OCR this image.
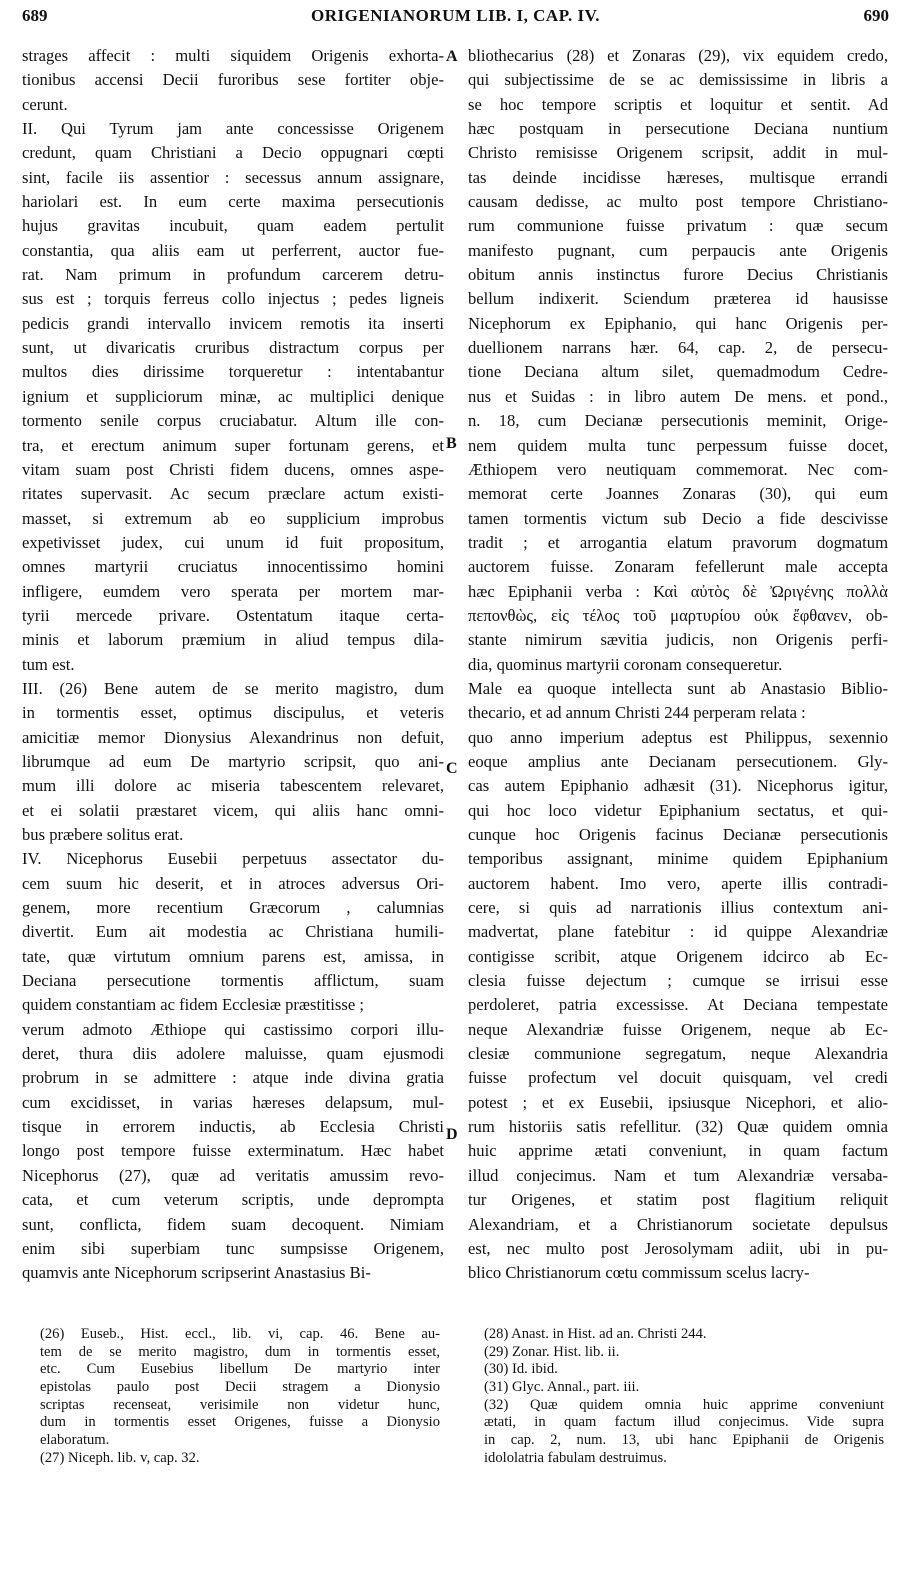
689	ORIGENIANORUM LIB. I, CAP. IV.	690
strages affecit : multi siquidem Origenis exhorta-
tionibus accensi Decii furoribus sese fortiter obje-
cerunt.
II. Qui Tyrum jam ante concessisse Origenem
credunt, quam Christiani a Decio oppugnari cœpti
sint, facile iis assentior : secessus annum assignare,
hariolari est. In eum certe maxima persecutionis
hujus gravitas incubuit, quam eadem pertulit
constantia, qua aliis eam ut perferrent, auctor fue-
rat. Nam primum in profundum carcerem detru-
sus est ; torquis ferreus collo injectus ; pedes ligneis
pedicis grandi intervallo invicem remotis ita inserti
sunt, ut divaricatis cruribus distractum corpus per
multos dies dirissime torqueretur : intentabantur
ignium et suppliciorum minæ, ac multiplici denique
tormento senile corpus cruciabatur. Altum ille con-
tra, et erectum animum super fortunam gerens, et
vitam suam post Christi fidem ducens, omnes aspe-
ritates supervasit. Ac secum præclare actum existi-
masset, si extremum ab eo supplicium improbus
expetivisset judex, cui unum id fuit propositum,
omnes martyrii cruciatus innocentissimo homini
infligere, eumdem vero sperata per mortem mar-
tyrii mercede privare. Ostentatum itaque certa-
minis et laborum præmium in aliud tempus dila-
tum est.
III. (26) Bene autem de se merito magistro, dum
in tormentis esset, optimus discipulus, et veteris
amicitiæ memor Dionysius Alexandrinus non defuit,
librumque ad eum De martyrio scripsit, quo ani-
mum illi dolore ac miseria tabescentem relevaret,
et ei solatii præstaret vicem, qui aliis hanc omni-
bus præbere solitus erat.
IV. Nicephorus Eusebii perpetuus assectator du-
cem suum hic deserit, et in atroces adversus Ori-
genem, more recentium Græcorum , calumnias
divertit. Eum ait modestia ac Christiana humili-
tate, quæ virtutum omnium parens est, amissa, in
Deciana persecutione tormentis afflictum, suam
quidem constantiam ac fidem Ecclesiæ præstitisse ;
verum admoto Æthiope qui castissimo corpori illu-
deret, thura diis adolere maluisse, quam ejusmodi
probrum in se admittere : atque inde divina gratia
cum excidisset, in varias hæreses delapsum, mul-
tisque in errorem inductis, ab Ecclesia Christi
longo post tempore fuisse exterminatum. Hæc habet
Nicephorus (27), quæ ad veritatis amussim revo-
cata, et cum veterum scriptis, unde deprompta
sunt, conflicta, fidem suam decoquent. Nimiam
enim sibi superbiam tunc sumpsisse Origenem,
quamvis ante Nicephorum scripserint Anastasius Bi-
bliothecarius (28) et Zonaras (29), vix equidem credo,
qui subjectissime de se ac demississime in libris a
se hoc tempore scriptis et loquitur et sentit. Ad
hæc postquam in persecutione Deciana nuntium
Christo remisisse Origenem scripsit, addit in mul-
tas deinde incidisse hæreses, multisque errandi
causam dedisse, ac multo post tempore Christiano-
rum communione fuisse privatum : quæ secum
manifesto pugnant, cum perpaucis ante Origenis
obitum annis instinctus furore Decius Christianis
bellum indixerit. Sciendum præterea id hausisse
Nicephorum ex Epiphanio, qui hanc Origenis per-
duellionem narrans hær. 64, cap. 2, de persecu-
tione Deciana altum silet, quemadmodum Cedre-
nus et Suidas : in libro autem De mens. et pond.,
n. 18, cum Decianæ persecutionis meminit, Orige-
nem quidem multa tunc perpessum fuisse docet,
Æthiopem vero neutiquam commemorat. Nec com-
memorat certe Joannes Zonaras (30), qui eum
tamen tormentis victum sub Decio a fide descivisse
tradit ; et arrogantia elatum pravorum dogmatum
auctorem fuisse. Zonaram fefellerunt male accepta
hæc Epiphanii verba : Καὶ αὐτὸς δὲ Ὠριγένης πολλὰ
πεπονθὼς, εἰς τέλος τοῦ μαρτυρίου οὐκ ἔφθανεν, ob-
stante nimirum sævitia judicis, non Origenis perfi-
dia, quominus martyrii coronam consequeretur.
Male ea quoque intellecta sunt ab Anastasio Biblio-
thecario, et ad annum Christi 244 perperam relata :
quo anno imperium adeptus est Philippus, sexennio
eoque amplius ante Decianam persecutionem. Gly-
cas autem Epiphanio adhæsit (31). Nicephorus igitur,
qui hoc loco videtur Epiphanium sectatus, et qui-
cunque hoc Origenis facinus Decianæ persecutionis
temporibus assignant, minime quidem Epiphanium
auctorem habent. Imo vero, aperte illis contradi-
cere, si quis ad narrationis illius contextum ani-
madvertat, plane fatebitur : id quippe Alexandriæ
contigisse scribit, atque Origenem idcirco ab Ec-
clesia fuisse dejectum ; cumque se irrisui esse
perdoleret, patria excessisse. At Deciana tempestate
neque Alexandriæ fuisse Origenem, neque ab Ec-
clesiæ communione segregatum, neque Alexandria
fuisse profectum vel docuit quisquam, vel credi
potest ; et ex Eusebii, ipsiusque Nicephori, et alio-
rum historiis satis refellitur. (32) Quæ quidem omnia
huic apprime ætati conveniunt, in quam factum
illud conjecimus. Nam et tum Alexandriæ versaba-
tur Origenes, et statim post flagitium reliquit
Alexandriam, et a Christianorum societate depulsus
est, nec multo post Jerosolymam adiit, ubi in pu-
blico Christianorum cœtu commissum scelus lacry-
A
B
C
D
(26) Euseb., Hist. eccl., lib. vi, cap. 46. Bene au-
tem de se merito magistro, dum in tormentis esset,
etc. Cum Eusebius libellum De martyrio inter
epistolas paulo post Decii stragem a Dionysio
scriptas recenseat, verisimile non videtur hunc,
dum in tormentis esset Origenes, fuisse a Dionysio
elaboratum.
(27) Niceph. lib. v, cap. 32.
(28) Anast. in Hist. ad an. Christi 244.
(29) Zonar. Hist. lib. ii.
(30) Id. ibid.
(31) Glyc. Annal., part. iii.
(32) Quæ quidem omnia huic apprime conveniunt
ætati, in quam factum illud conjecimus. Vide supra
in cap. 2, num. 13, ubi hanc Epiphanii de Origenis
idololatria fabulam destruimus.
